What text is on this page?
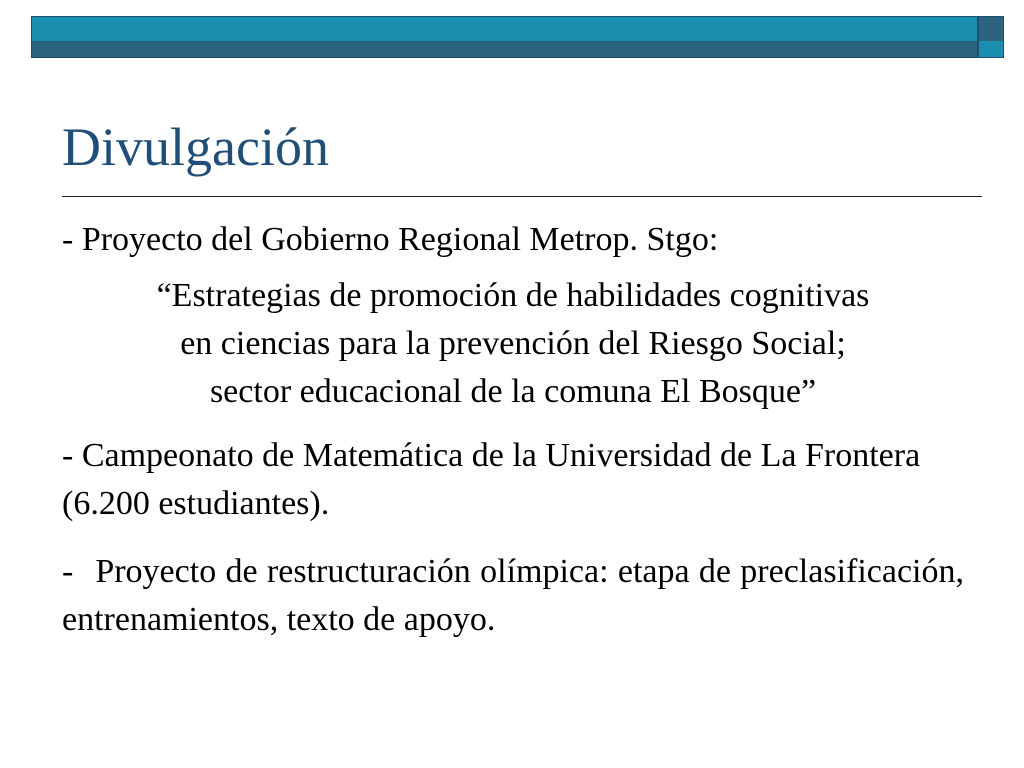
Divulgación

- Proyecto del Gobierno Regional Metrop. Stgo:

“Estrategias de promoción de habilidades cognitivas
en ciencias para la prevención del Riesgo Social;
sector educacional de la comuna El Bosque”

- Campeonato de Matemática de la Universidad de La Frontera (6.200 estudiantes).

- Proyecto de restructuración olímpica: etapa de preclasificación, entrenamientos, texto de apoyo.
